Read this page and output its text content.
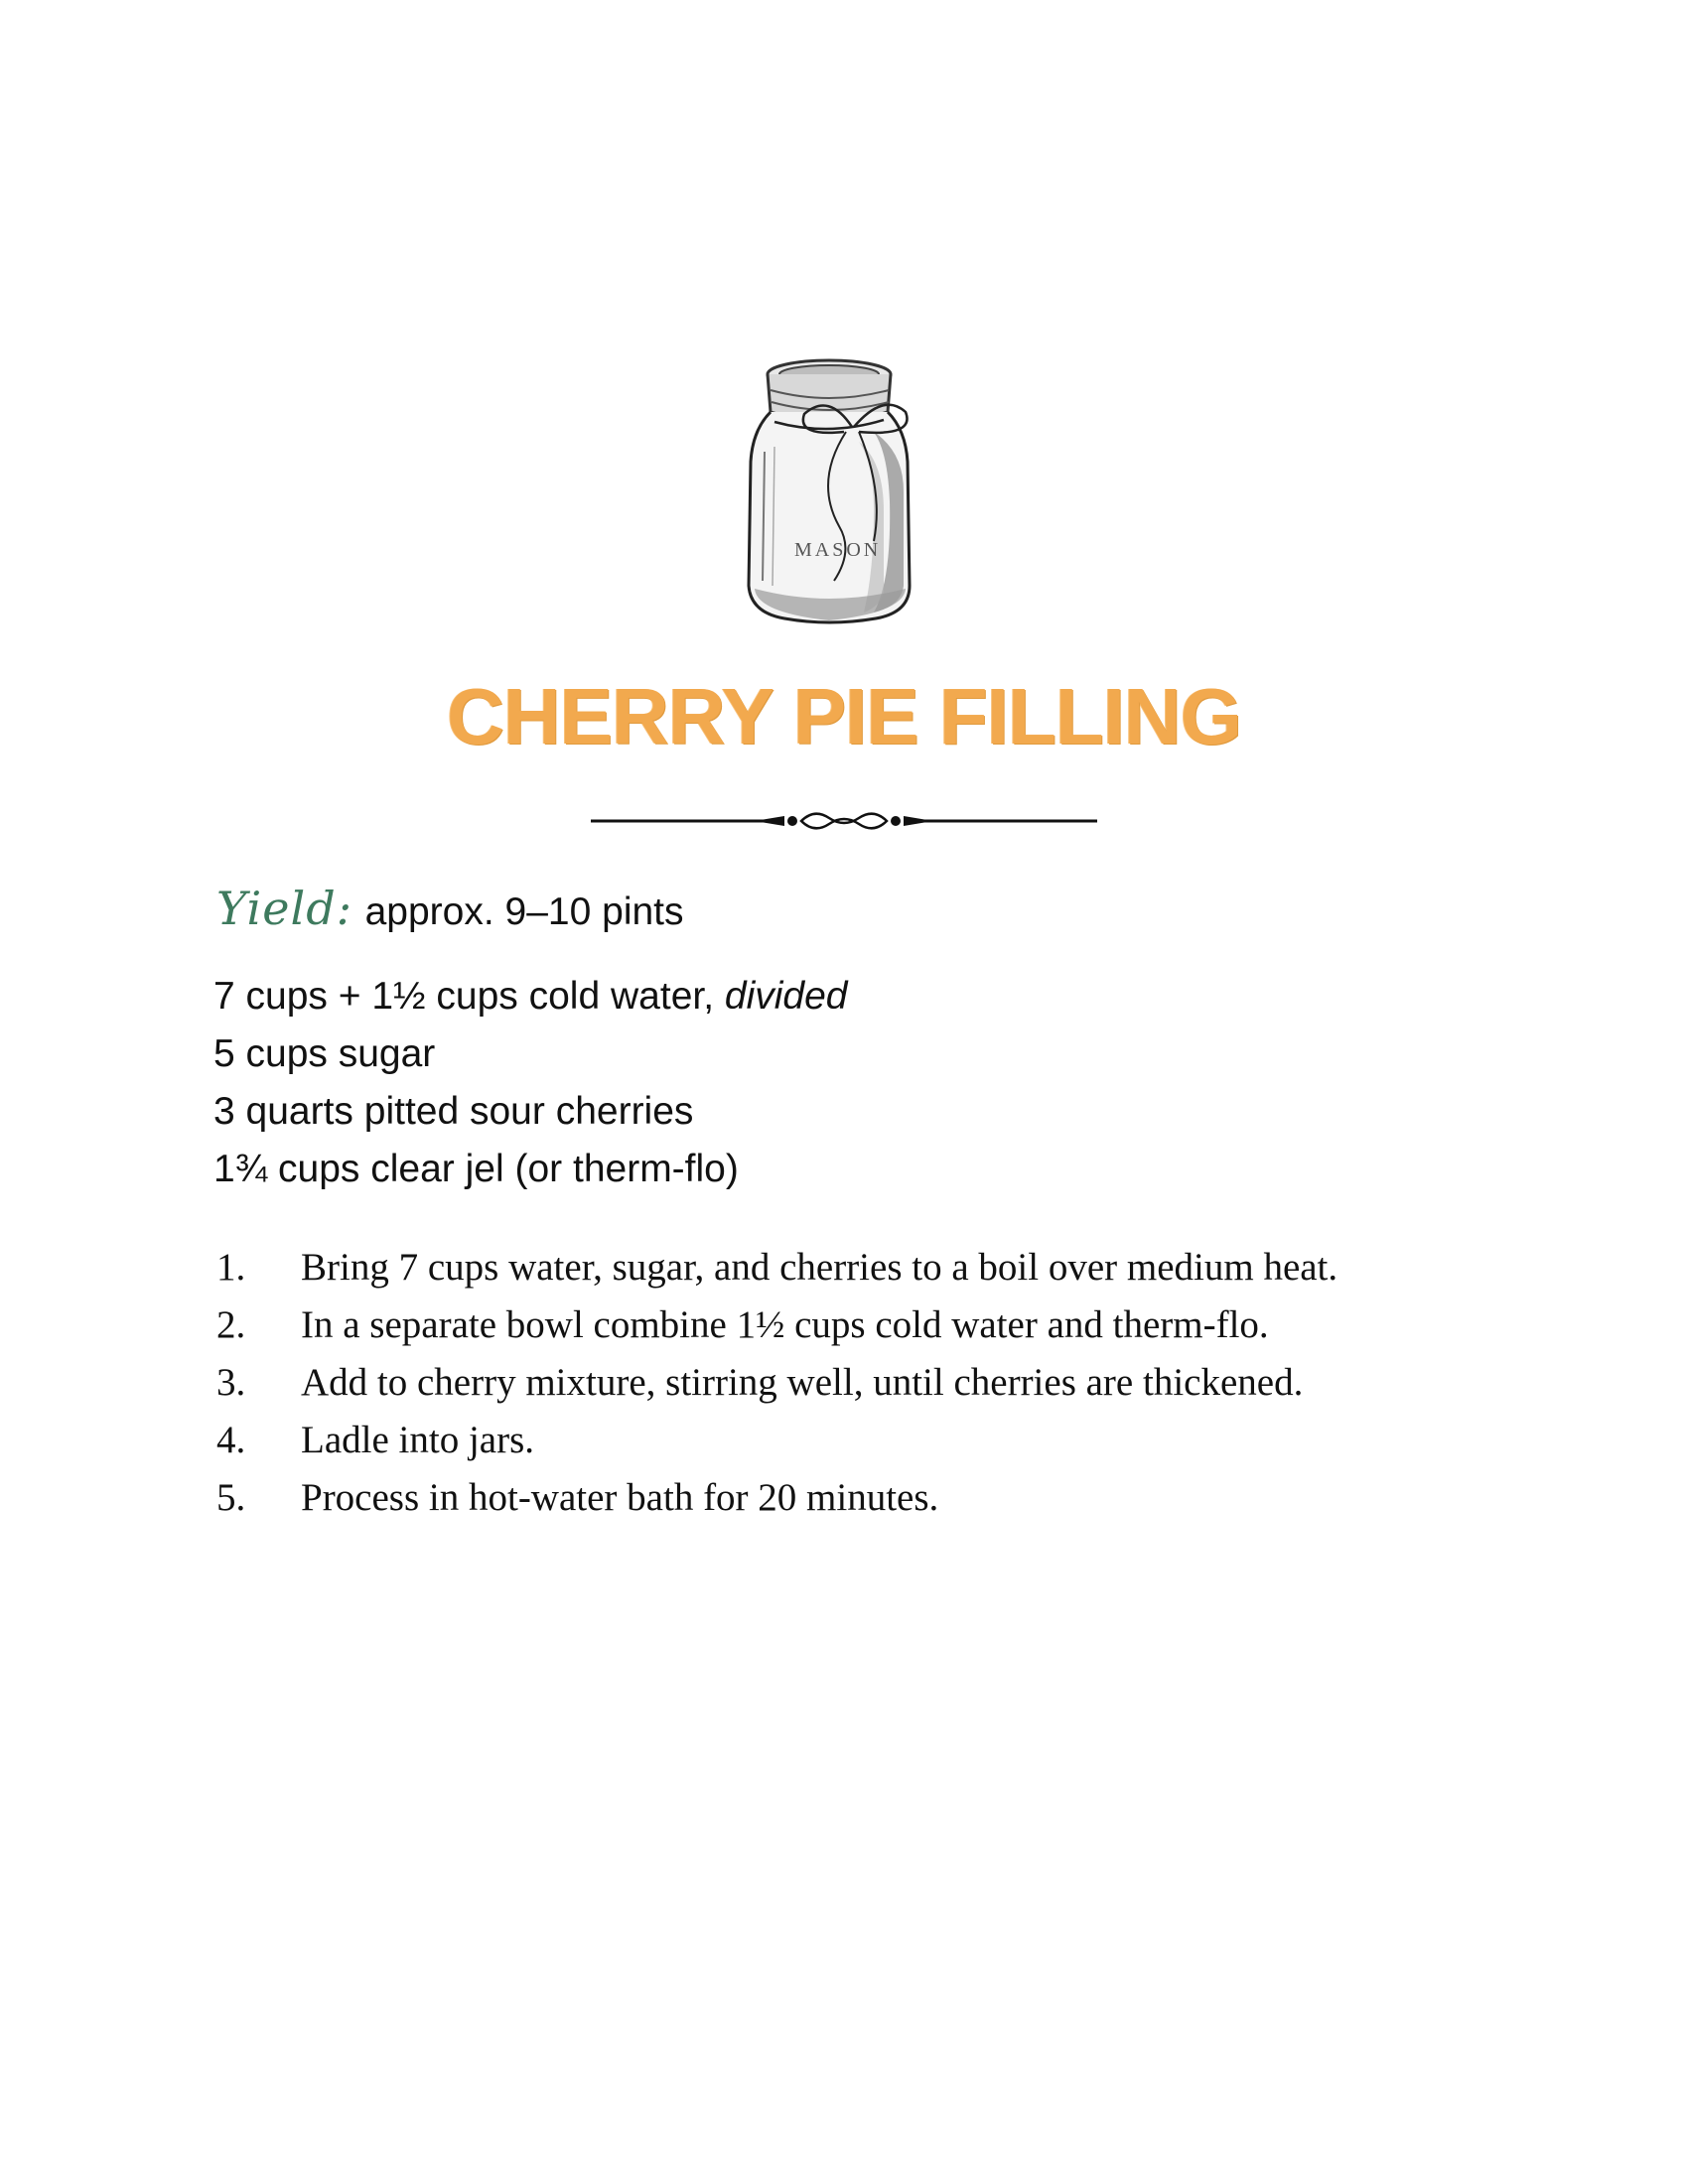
MASON
CHERRY PIE FILLING
Yield: approx. 9–10 pints
7 cups + 1½ cups cold water, divided
5 cups sugar
3 quarts pitted sour cherries
1¾ cups clear jel (or therm-flo)
1.	Bring 7 cups water, sugar, and cherries to a boil over medium heat.
2.	In a separate bowl combine 1½ cups cold water and therm-flo.
3.	Add to cherry mixture, stirring well, until cherries are thickened.
4.	Ladle into jars.
5.	Process in hot-water bath for 20 minutes.
